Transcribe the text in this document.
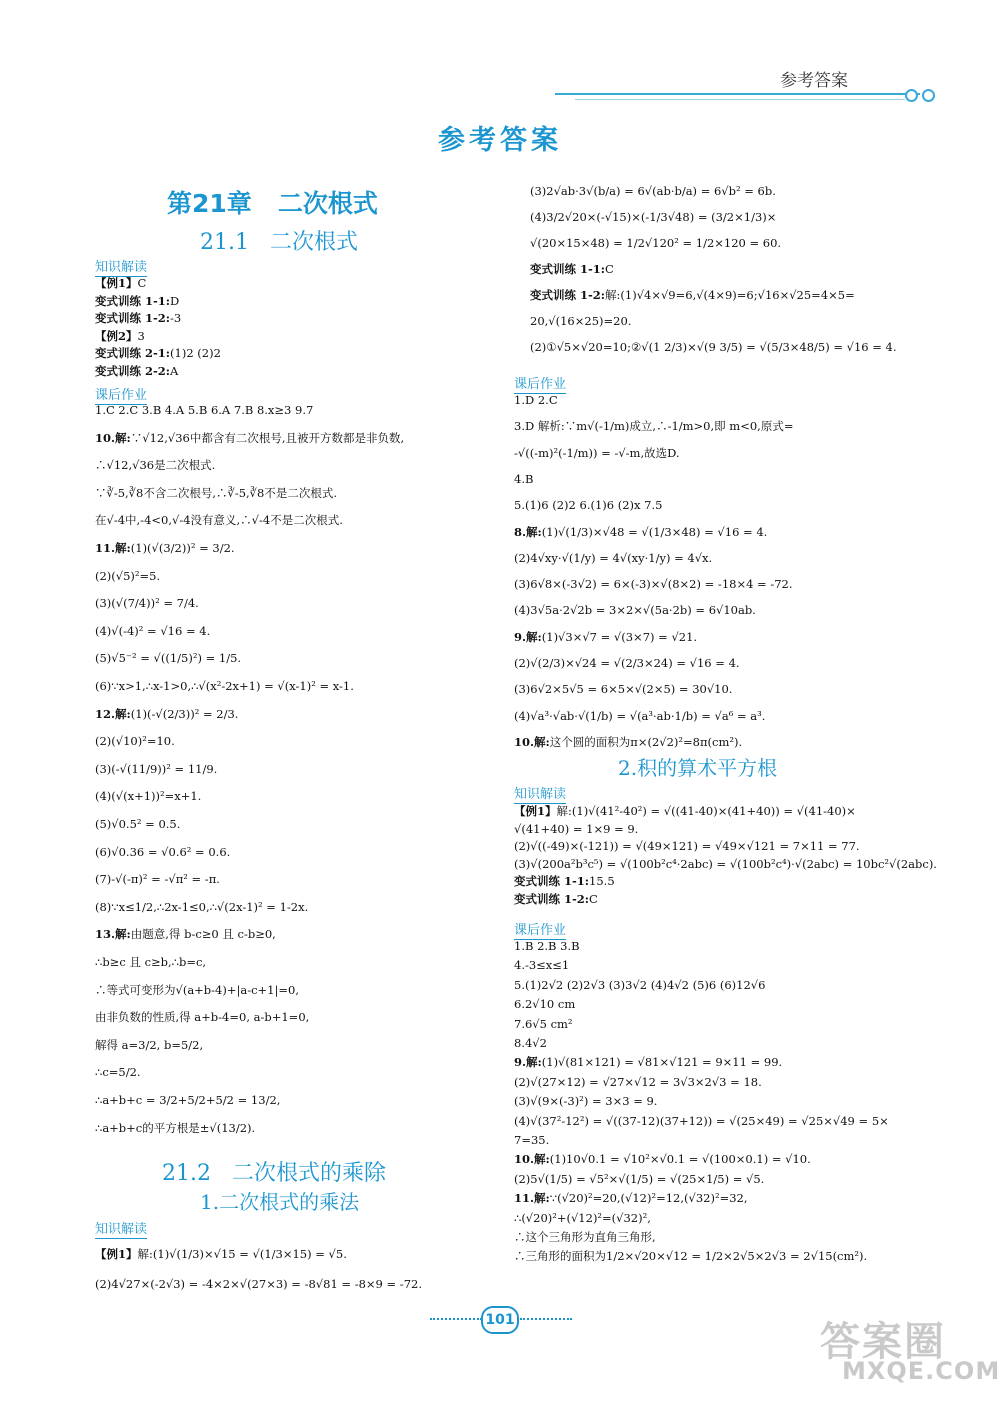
参考答案
参考答案
第21章   二次根式
21.1   二次根式
知识解读
【例1】C
变式训练 1-1:D
变式训练 1-2:-3
【例2】3
变式训练 2-1:(1)2 (2)2
变式训练 2-2:A
课后作业
1.C 2.C 3.B 4.A 5.B 6.A 7.B 8.x≥3 9.7
10.解:∵√12,√36中都含有二次根号,且被开方数都是非负数,
∴√12,√36是二次根式.
∵∛-5,∛8不含二次根号,∴∛-5,∛8不是二次根式.
在√-4中,-4<0,√-4没有意义,∴√-4不是二次根式.
11.解:(1)(√(3/2))² = 3/2.
(2)(√5)²=5.
(3)(√(7/4))² = 7/4.
(4)√(-4)² = √16 = 4.
(5)√5⁻² = √((1/5)²) = 1/5.
(6)∵x>1,∴x-1>0,∴√(x²-2x+1) = √(x-1)² = x-1.
12.解:(1)(-√(2/3))² = 2/3.
(2)(√10)²=10.
(3)(-√(11/9))² = 11/9.
(4)(√(x+1))²=x+1.
(5)√0.5² = 0.5.
(6)√0.36 = √0.6² = 0.6.
(7)-√(-π)² = -√π² = -π.
(8)∵x≤1/2,∴2x-1≤0,∴√(2x-1)² = 1-2x.
13.解:由题意,得 b-c≥0 且 c-b≥0,
∴b≥c 且 c≥b,∴b=c,
∴等式可变形为√(a+b-4)+|a-c+1|=0,
由非负数的性质,得 a+b-4=0, a-b+1=0,
解得 a=3/2, b=5/2,
∴c=5/2.
∴a+b+c = 3/2+5/2+5/2 = 13/2,
∴a+b+c的平方根是±√(13/2).
21.2   二次根式的乘除
1.二次根式的乘法
知识解读
【例1】解:(1)√(1/3)×√15 = √(1/3×15) = √5.
(2)4√27×(-2√3) = -4×2×√(27×3) = -8√81 = -8×9 = -72.
(3)2√ab·3√(b/a) = 6√(ab·b/a) = 6√b² = 6b.
(4)3/2√20×(-√15)×(-1/3√48) = (3/2×1/3)×
√(20×15×48) = 1/2√120² = 1/2×120 = 60.
变式训练 1-1:C
变式训练 1-2:解:(1)√4×√9=6,√(4×9)=6;√16×√25=4×5=
20,√(16×25)=20.
(2)①√5×√20=10;②√(1 2/3)×√(9 3/5) = √(5/3×48/5) = √16 = 4.
课后作业
1.D 2.C
3.D 解析:∵m√(-1/m)成立,∴-1/m>0,即 m<0,原式=
-√((-m)²(-1/m)) = -√-m,故选D.
4.B
5.(1)6 (2)2 6.(1)6 (2)x 7.5
8.解:(1)√(1/3)×√48 = √(1/3×48) = √16 = 4.
(2)4√xy·√(1/y) = 4√(xy·1/y) = 4√x.
(3)6√8×(-3√2) = 6×(-3)×√(8×2) = -18×4 = -72.
(4)3√5a·2√2b = 3×2×√(5a·2b) = 6√10ab.
9.解:(1)√3×√7 = √(3×7) = √21.
(2)√(2/3)×√24 = √(2/3×24) = √16 = 4.
(3)6√2×5√5 = 6×5×√(2×5) = 30√10.
(4)√a³·√ab·√(1/b) = √(a³·ab·1/b) = √a⁶ = a³.
10.解:这个圆的面积为π×(2√2)²=8π(cm²).
2.积的算术平方根
知识解读
【例1】解:(1)√(41²-40²) = √((41-40)×(41+40)) = √(41-40)×
√(41+40) = 1×9 = 9.
(2)√((-49)×(-121)) = √(49×121) = √49×√121 = 7×11 = 77.
(3)√(200a²b³c⁵) = √(100b²c⁴·2abc) = √(100b²c⁴)·√(2abc) = 10bc²√(2abc).
变式训练 1-1:15.5
变式训练 1-2:C
课后作业
1.B 2.B 3.B
4.-3≤x≤1
5.(1)2√2 (2)2√3 (3)3√2 (4)4√2 (5)6 (6)12√6
6.2√10 cm
7.6√5 cm²
8.4√2
9.解:(1)√(81×121) = √81×√121 = 9×11 = 99.
(2)√(27×12) = √27×√12 = 3√3×2√3 = 18.
(3)√(9×(-3)²) = 3×3 = 9.
(4)√(37²-12²) = √((37-12)(37+12)) = √(25×49) = √25×√49 = 5×
7=35.
10.解:(1)10√0.1 = √10²×√0.1 = √(100×0.1) = √10.
(2)5√(1/5) = √5²×√(1/5) = √(25×1/5) = √5.
11.解:∵(√20)²=20,(√12)²=12,(√32)²=32,
∴(√20)²+(√12)²=(√32)²,
∴这个三角形为直角三角形,
∴三角形的面积为1/2×√20×√12 = 1/2×2√5×2√3 = 2√15(cm²).
101	答案圈
MXQE.COM
